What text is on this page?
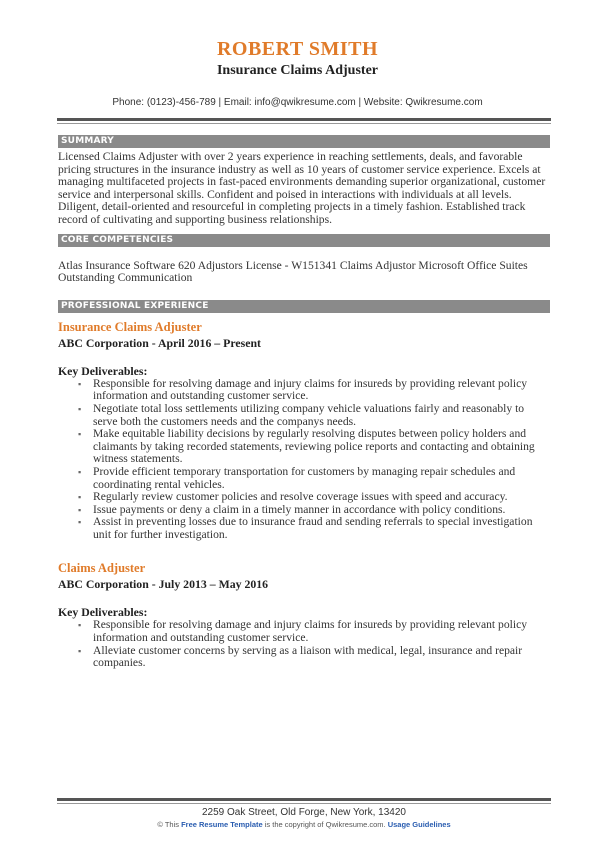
ROBERT SMITH
Insurance Claims Adjuster
Phone: (0123)-456-789 | Email: info@qwikresume.com | Website: Qwikresume.com
SUMMARY
Licensed Claims Adjuster with over 2 years experience in reaching settlements, deals, and favorable pricing structures in the insurance industry as well as 10 years of customer service experience. Excels at managing multifaceted projects in fast-paced environments demanding superior organizational, customer service and interpersonal skills. Confident and poised in interactions with individuals at all levels. Diligent, detail-oriented and resourceful in completing projects in a timely fashion. Established track record of cultivating and supporting business relationships.
CORE COMPETENCIES
Atlas Insurance Software 620 Adjustors License - W151341 Claims Adjustor Microsoft Office Suites Outstanding Communication
PROFESSIONAL EXPERIENCE
Insurance Claims Adjuster
ABC Corporation - April 2016 – Present
Key Deliverables:
▪ Responsible for resolving damage and injury claims for insureds by providing relevant policy information and outstanding customer service.
▪ Negotiate total loss settlements utilizing company vehicle valuations fairly and reasonably to serve both the customers needs and the companys needs.
▪ Make equitable liability decisions by regularly resolving disputes between policy holders and claimants by taking recorded statements, reviewing police reports and contacting and obtaining witness statements.
▪ Provide efficient temporary transportation for customers by managing repair schedules and coordinating rental vehicles.
▪ Regularly review customer policies and resolve coverage issues with speed and accuracy.
▪ Issue payments or deny a claim in a timely manner in accordance with policy conditions.
▪ Assist in preventing losses due to insurance fraud and sending referrals to special investigation unit for further investigation.
Claims Adjuster
ABC Corporation - July 2013 – May 2016
Key Deliverables:
▪ Responsible for resolving damage and injury claims for insureds by providing relevant policy information and outstanding customer service.
▪ Alleviate customer concerns by serving as a liaison with medical, legal, insurance and repair companies.
2259 Oak Street, Old Forge, New York, 13420
© This Free Resume Template is the copyright of Qwikresume.com. Usage Guidelines
